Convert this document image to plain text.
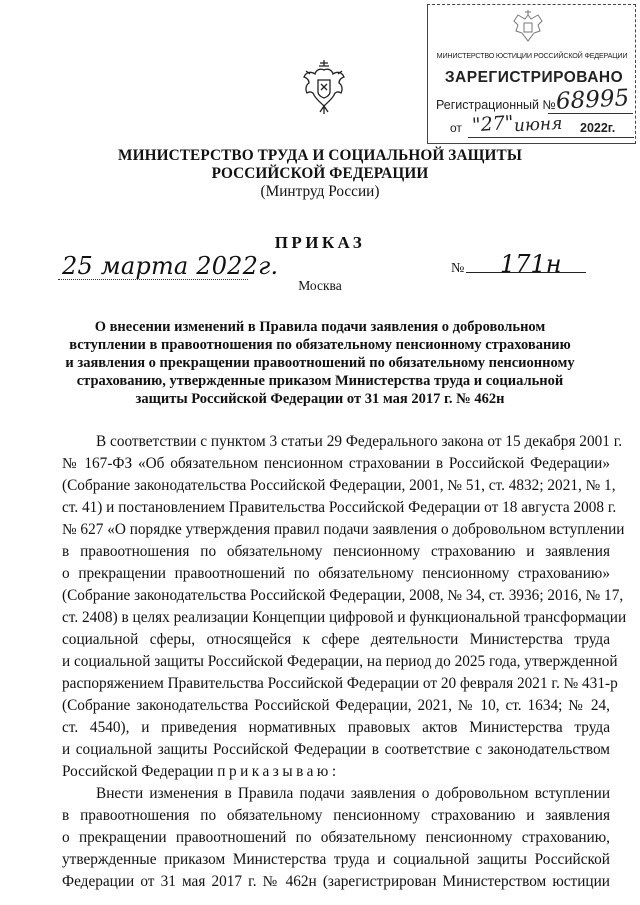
МИНИСТЕРСТВО ЮСТИЦИИ РОССИЙСКОЙ ФЕДЕРАЦИИ
ЗАРЕГИСТРИРОВАНО
Регистрационный № 68995
от "27" июня 2022г.
МИНИСТЕРСТВО ТРУДА И СОЦИАЛЬНОЙ ЗАЩИТЫ
РОССИЙСКОЙ ФЕДЕРАЦИИ
(Минтруд России)
ПРИКАЗ
25 марта 2022г.	№ 171н
Москва
О внесении изменений в Правила подачи заявления о добровольном
вступлении в правоотношения по обязательному пенсионному страхованию
и заявления о прекращении правоотношений по обязательному пенсионному
страхованию, утвержденные приказом Министерства труда и социальной
защиты Российской Федерации от 31 мая 2017 г. № 462н
В соответствии с пунктом 3 статьи 29 Федерального закона от 15 декабря 2001 г.
№ 167-ФЗ «Об обязательном пенсионном страховании в Российской Федерации»
(Собрание законодательства Российской Федерации, 2001, № 51, ст. 4832; 2021, № 1,
ст. 41) и постановлением Правительства Российской Федерации от 18 августа 2008 г.
№ 627 «О порядке утверждения правил подачи заявления о добровольном вступлении
в правоотношения по обязательному пенсионному страхованию и заявления
о прекращении правоотношений по обязательному пенсионному страхованию»
(Собрание законодательства Российской Федерации, 2008, № 34, ст. 3936; 2016, № 17,
ст. 2408) в целях реализации Концепции цифровой и функциональной трансформации
социальной сферы, относящейся к сфере деятельности Министерства труда
и социальной защиты Российской Федерации, на период до 2025 года, утвержденной
распоряжением Правительства Российской Федерации от 20 февраля 2021 г. № 431-р
(Собрание законодательства Российской Федерации, 2021, № 10, ст. 1634; № 24,
ст. 4540), и приведения нормативных правовых актов Министерства труда
и социальной защиты Российской Федерации в соответствие с законодательством
Российской Федерации приказываю:
Внести изменения в Правила подачи заявления о добровольном вступлении
в правоотношения по обязательному пенсионному страхованию и заявления
о прекращении правоотношений по обязательному пенсионному страхованию,
утвержденные приказом Министерства труда и социальной защиты Российской
Федерации от 31 мая 2017 г. № 462н (зарегистрирован Министерством юстиции
